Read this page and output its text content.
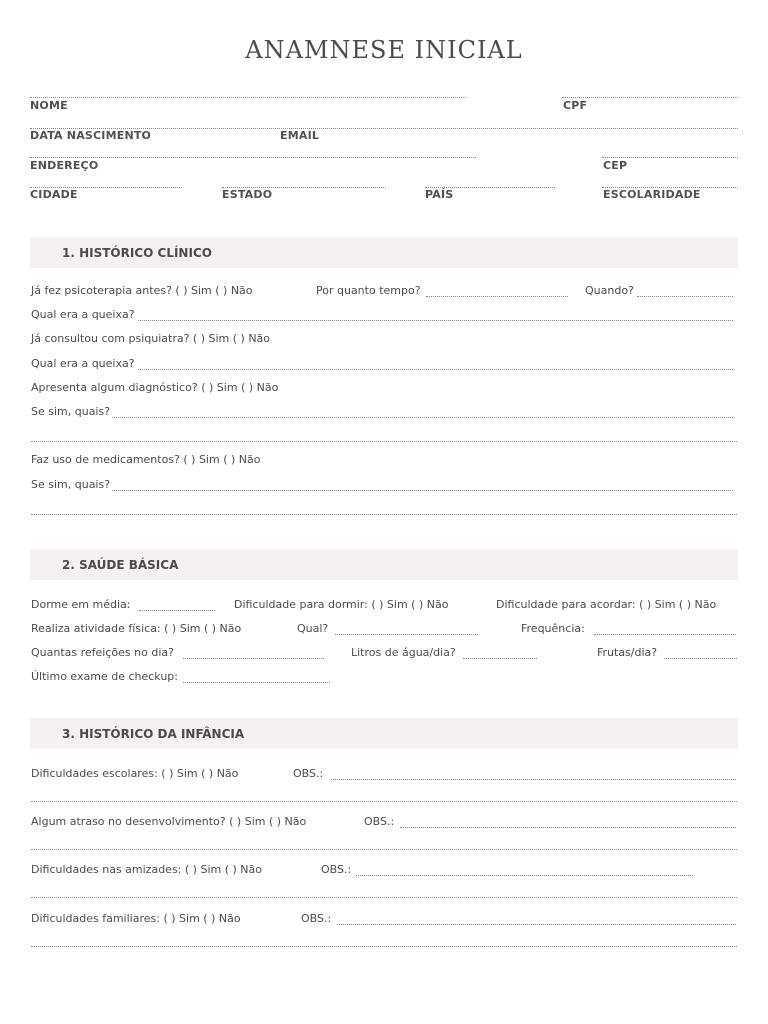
ANAMNESE INICIAL
NOME	CPF
DATA NASCIMENTO	EMAIL
ENDEREÇO	CEP
CIDADE	ESTADO	PAÍS	ESCOLARIDADE
1. HISTÓRICO CLÍNICO
Já fez psicoterapia antes? ( ) Sim ( ) Não	Por quanto tempo?	Quando?
Qual era a queixa?
Já consultou com psiquiatra? ( ) Sim ( ) Não
Qual era a queixa?
Apresenta algum diagnóstico? ( ) Sim ( ) Não
Se sim, quais?
Faz uso de medicamentos? ( ) Sim ( ) Não
Se sim, quais?
2. SAÚDE BÁSICA
Dorme em média:	Dificuldade para dormir: ( ) Sim ( ) Não	Dificuldade para acordar: ( ) Sim ( ) Não
Realiza atividade física: ( ) Sim ( ) Não	Qual?	Frequência:
Quantas refeições no dia?	Litros de água/dia?	Frutas/dia?
Último exame de checkup:
3. HISTÓRICO DA INFÂNCIA
Dificuldades escolares: ( ) Sim ( ) Não	OBS.:
Algum atraso no desenvolvimento? ( ) Sim ( ) Não	OBS.:
Dificuldades nas amizades: ( ) Sim ( ) Não	OBS.:
Dificuldades familiares: ( ) Sim ( ) Não	OBS.:
